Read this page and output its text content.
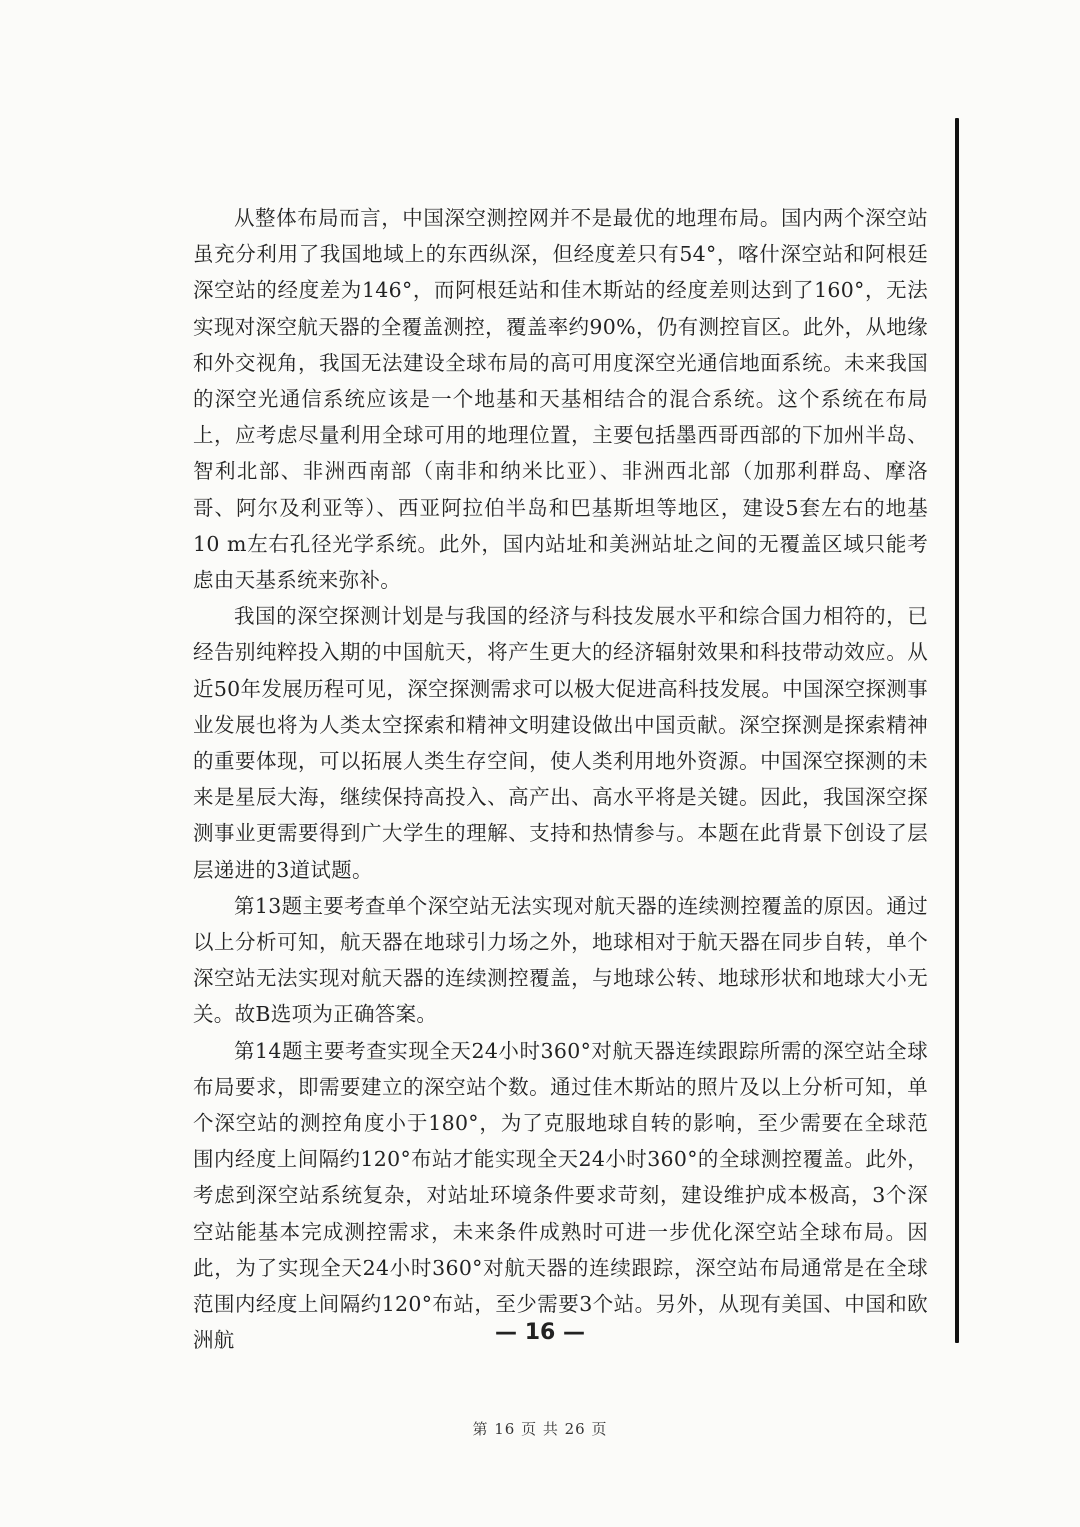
从整体布局而言，中国深空测控网并不是最优的地理布局。国内两个深空站虽充分利用了我国地域上的东西纵深，但经度差只有54°，喀什深空站和阿根廷深空站的经度差为146°，而阿根廷站和佳木斯站的经度差则达到了160°，无法实现对深空航天器的全覆盖测控，覆盖率约90%，仍有测控盲区。此外，从地缘和外交视角，我国无法建设全球布局的高可用度深空光通信地面系统。未来我国的深空光通信系统应该是一个地基和天基相结合的混合系统。这个系统在布局上，应考虑尽量利用全球可用的地理位置，主要包括墨西哥西部的下加州半岛、智利北部、非洲西南部（南非和纳米比亚）、非洲西北部（加那利群岛、摩洛哥、阿尔及利亚等）、西亚阿拉伯半岛和巴基斯坦等地区，建设5套左右的地基10 m左右孔径光学系统。此外，国内站址和美洲站址之间的无覆盖区域只能考虑由天基系统来弥补。

我国的深空探测计划是与我国的经济与科技发展水平和综合国力相符的，已经告别纯粹投入期的中国航天，将产生更大的经济辐射效果和科技带动效应。从近50年发展历程可见，深空探测需求可以极大促进高科技发展。中国深空探测事业发展也将为人类太空探索和精神文明建设做出中国贡献。深空探测是探索精神的重要体现，可以拓展人类生存空间，使人类利用地外资源。中国深空探测的未来是星辰大海，继续保持高投入、高产出、高水平将是关键。因此，我国深空探测事业更需要得到广大学生的理解、支持和热情参与。本题在此背景下创设了层层递进的3道试题。

第13题主要考查单个深空站无法实现对航天器的连续测控覆盖的原因。通过以上分析可知，航天器在地球引力场之外，地球相对于航天器在同步自转，单个深空站无法实现对航天器的连续测控覆盖，与地球公转、地球形状和地球大小无关。故B选项为正确答案。

第14题主要考查实现全天24小时360°对航天器连续跟踪所需的深空站全球布局要求，即需要建立的深空站个数。通过佳木斯站的照片及以上分析可知，单个深空站的测控角度小于180°，为了克服地球自转的影响，至少需要在全球范围内经度上间隔约120°布站才能实现全天24小时360°的全球测控覆盖。此外，考虑到深空站系统复杂，对站址环境条件要求苛刻，建设维护成本极高，3个深空站能基本完成测控需求，未来条件成熟时可进一步优化深空站全球布局。因此，为了实现全天24小时360°对航天器的连续跟踪，深空站布局通常是在全球范围内经度上间隔约120°布站，至少需要3个站。另外，从现有美国、中国和欧洲航	— 16 —
第 16 页 共 26 页
